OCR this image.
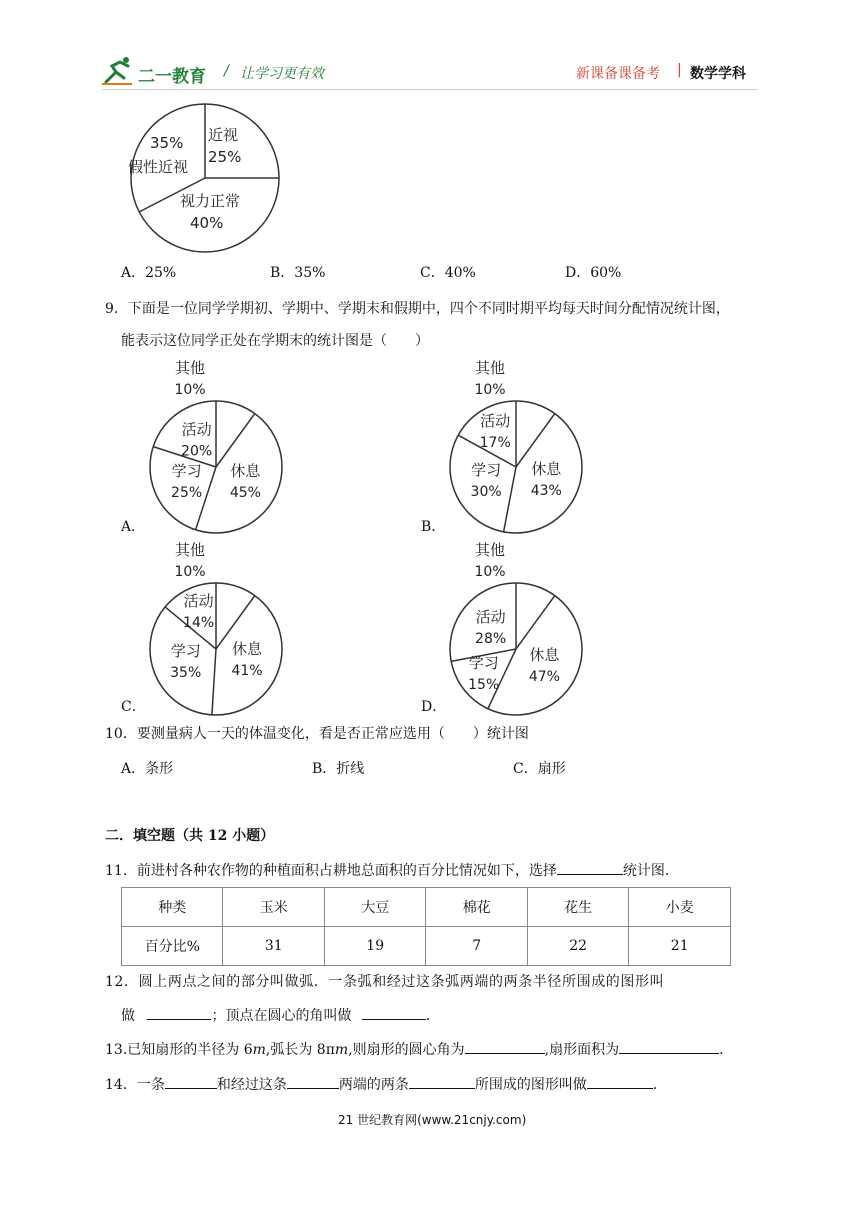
二一教育 / 让学习更有效	新课备课备考 | 数学学科
35%
假性近视
近视
25%
视力正常
40%
A．25%	B．35%	C．40%	D．60%
9．下面是一位同学学期初、学期中、学期末和假期中，四个不同时期平均每天时间分配情况统计图，
能表示这位同学正处在学期末的统计图是（　　）
其他
10%
休息
45%
学习
25%
活动
20%
其他
10%
休息
43%
学习
30%
活动
17%
其他
10%
休息
41%
学习
35%
活动
14%
其他
10%
休息
47%
学习
15%
活动
28%
A．	B．
C．	D．
10．要测量病人一天的体温变化，看是否正常应选用（　　）统计图
A．条形	B．折线	C．扇形
二．填空题（共 12 小题）
11．前进村各种农作物的种植面积占耕地总面积的百分比情况如下，选择	统计图．
种类	玉米	大豆	棉花	花生	小麦
百分比%	31	19	7	22	21
12．圆上两点之间的部分叫做弧．一条弧和经过这条弧两端的两条半径所围成的图形叫
做	；顶点在圆心的角叫做	．
13.已知扇形的半径为 6m,弧长为 8πm,则扇形的圆心角为	,扇形面积为	.
14．一条	和经过这条	两端的两条	所围成的图形叫做	．
21 世纪教育网(www.21cnjy.com)
